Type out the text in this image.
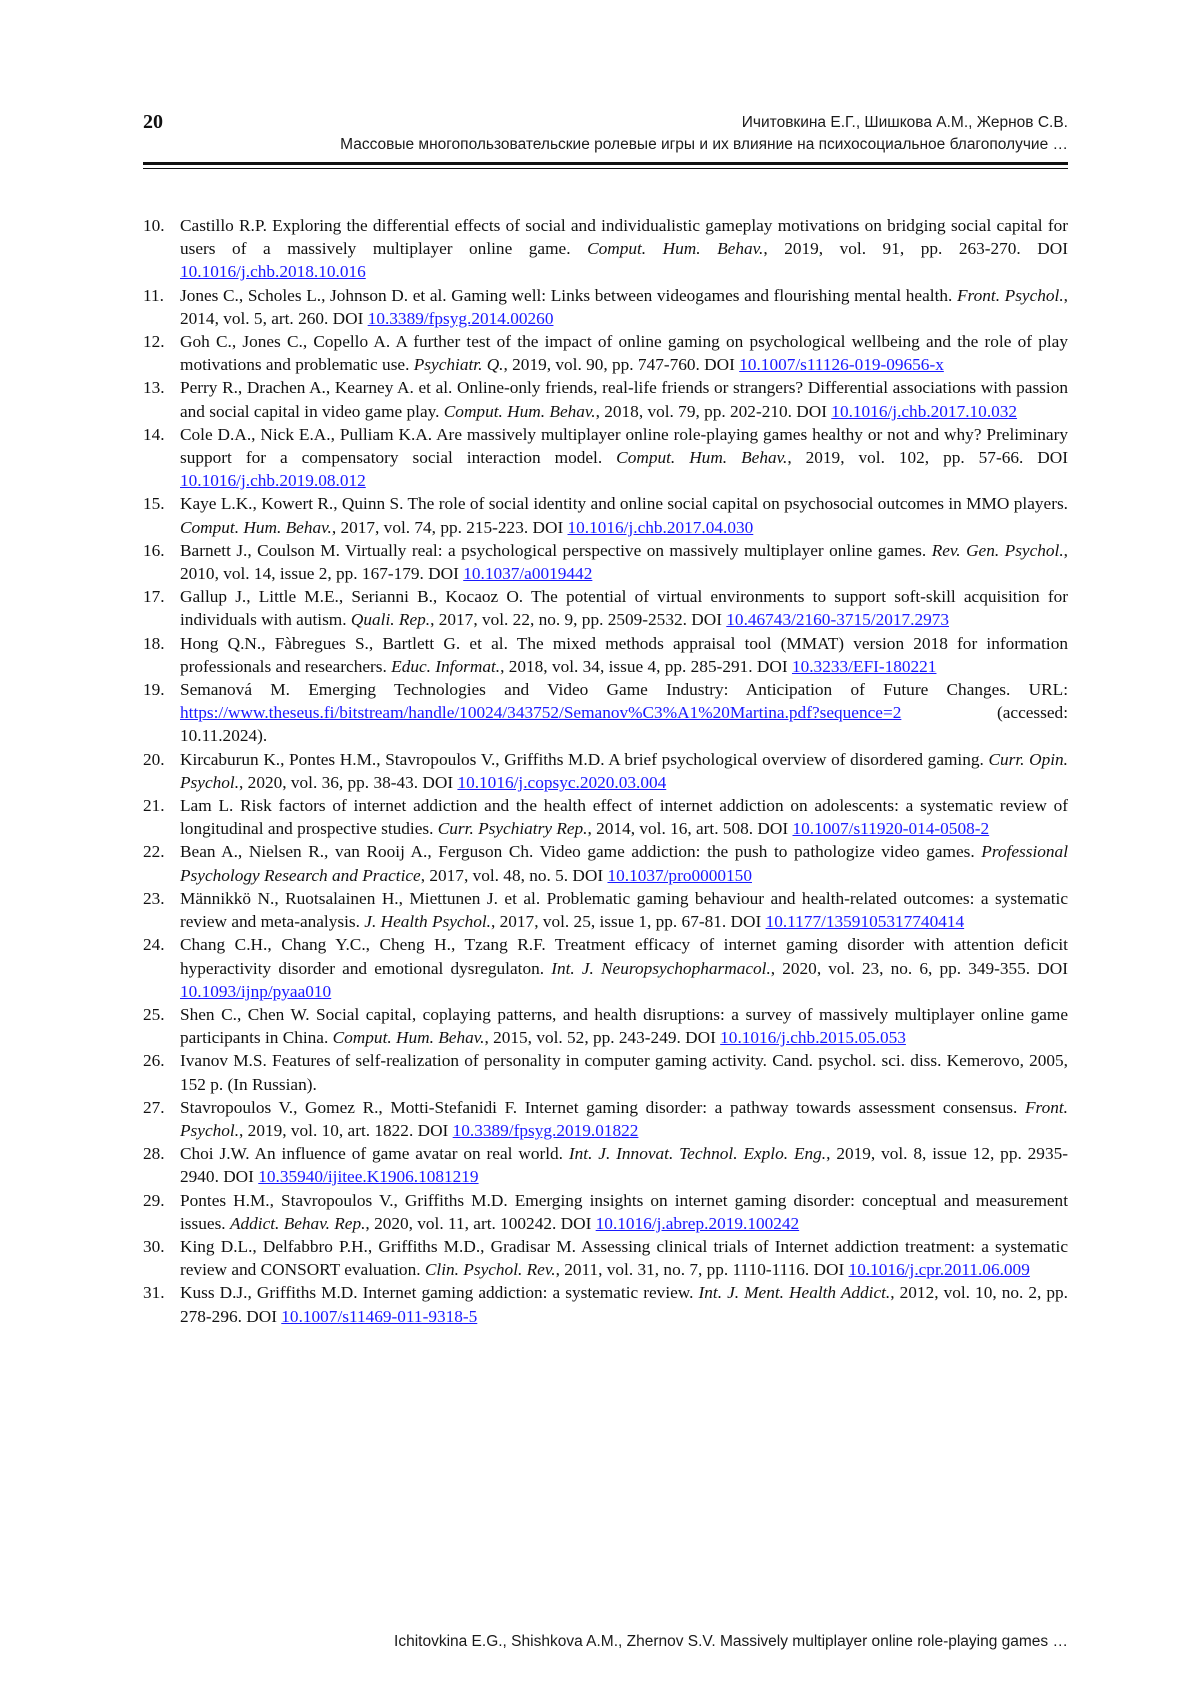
20	Ичитовкина Е.Г., Шишкова А.М., Жернов С.В.
Массовые многопользовательские ролевые игры и их влияние на психосоциальное благополучие …
10. Castillo R.P. Exploring the differential effects of social and individualistic gameplay motivations on bridging social capital for users of a massively multiplayer online game. Comput. Hum. Behav., 2019, vol. 91, pp. 263-270. DOI 10.1016/j.chb.2018.10.016
11. Jones C., Scholes L., Johnson D. et al. Gaming well: Links between videogames and flourishing mental health. Front. Psychol., 2014, vol. 5, art. 260. DOI 10.3389/fpsyg.2014.00260
12. Goh C., Jones C., Copello A. A further test of the impact of online gaming on psychological wellbeing and the role of play motivations and problematic use. Psychiatr. Q., 2019, vol. 90, pp. 747-760. DOI 10.1007/s11126-019-09656-x
13. Perry R., Drachen A., Kearney A. et al. Online-only friends, real-life friends or strangers? Differential associations with passion and social capital in video game play. Comput. Hum. Behav., 2018, vol. 79, pp. 202-210. DOI 10.1016/j.chb.2017.10.032
14. Cole D.A., Nick E.A., Pulliam K.A. Are massively multiplayer online role-playing games healthy or not and why? Preliminary support for a compensatory social interaction model. Comput. Hum. Behav., 2019, vol. 102, pp. 57-66. DOI 10.1016/j.chb.2019.08.012
15. Kaye L.K., Kowert R., Quinn S. The role of social identity and online social capital on psychosocial outcomes in MMO players. Comput. Hum. Behav., 2017, vol. 74, pp. 215-223. DOI 10.1016/j.chb.2017.04.030
16. Barnett J., Coulson M. Virtually real: a psychological perspective on massively multiplayer online games. Rev. Gen. Psychol., 2010, vol. 14, issue 2, pp. 167-179. DOI 10.1037/a0019442
17. Gallup J., Little M.E., Serianni B., Kocaoz O. The potential of virtual environments to support soft-skill acquisition for individuals with autism. Quali. Rep., 2017, vol. 22, no. 9, pp. 2509-2532. DOI 10.46743/2160-3715/2017.2973
18. Hong Q.N., Fàbregues S., Bartlett G. et al. The mixed methods appraisal tool (MMAT) version 2018 for information professionals and researchers. Educ. Informat., 2018, vol. 34, issue 4, pp. 285-291. DOI 10.3233/EFI-180221
19. Semanová M. Emerging Technologies and Video Game Industry: Anticipation of Future Changes. URL: https://www.theseus.fi/bitstream/handle/10024/343752/Semanov%C3%A1%20Martina.pdf?sequence=2 (accessed: 10.11.2024).
20. Kircaburun K., Pontes H.M., Stavropoulos V., Griffiths M.D. A brief psychological overview of disordered gaming. Curr. Opin. Psychol., 2020, vol. 36, pp. 38-43. DOI 10.1016/j.copsyc.2020.03.004
21. Lam L. Risk factors of internet addiction and the health effect of internet addiction on adolescents: a systematic review of longitudinal and prospective studies. Curr. Psychiatry Rep., 2014, vol. 16, art. 508. DOI 10.1007/s11920-014-0508-2
22. Bean A., Nielsen R., van Rooij A., Ferguson Ch. Video game addiction: the push to pathologize video games. Professional Psychology Research and Practice, 2017, vol. 48, no. 5. DOI 10.1037/pro0000150
23. Männikkö N., Ruotsalainen H., Miettunen J. et al. Problematic gaming behaviour and health-related outcomes: a systematic review and meta-analysis. J. Health Psychol., 2017, vol. 25, issue 1, pp. 67-81. DOI 10.1177/1359105317740414
24. Chang C.H., Chang Y.C., Cheng H., Tzang R.F. Treatment efficacy of internet gaming disorder with attention deficit hyperactivity disorder and emotional dysregulaton. Int. J. Neuropsychopharmacol., 2020, vol. 23, no. 6, pp. 349-355. DOI 10.1093/ijnp/pyaa010
25. Shen C., Chen W. Social capital, coplaying patterns, and health disruptions: a survey of massively multiplayer online game participants in China. Comput. Hum. Behav., 2015, vol. 52, pp. 243-249. DOI 10.1016/j.chb.2015.05.053
26. Ivanov M.S. Features of self-realization of personality in computer gaming activity. Cand. psychol. sci. diss. Kemerovo, 2005, 152 p. (In Russian).
27. Stavropoulos V., Gomez R., Motti-Stefanidi F. Internet gaming disorder: a pathway towards assessment consensus. Front. Psychol., 2019, vol. 10, art. 1822. DOI 10.3389/fpsyg.2019.01822
28. Choi J.W. An influence of game avatar on real world. Int. J. Innovat. Technol. Explo. Eng., 2019, vol. 8, issue 12, pp. 2935-2940. DOI 10.35940/ijitee.K1906.1081219
29. Pontes H.M., Stavropoulos V., Griffiths M.D. Emerging insights on internet gaming disorder: conceptual and measurement issues. Addict. Behav. Rep., 2020, vol. 11, art. 100242. DOI 10.1016/j.abrep.2019.100242
30. King D.L., Delfabbro P.H., Griffiths M.D., Gradisar M. Assessing clinical trials of Internet addiction treatment: a systematic review and CONSORT evaluation. Clin. Psychol. Rev., 2011, vol. 31, no. 7, pp. 1110-1116. DOI 10.1016/j.cpr.2011.06.009
31. Kuss D.J., Griffiths M.D. Internet gaming addiction: a systematic review. Int. J. Ment. Health Addict., 2012, vol. 10, no. 2, pp. 278-296. DOI 10.1007/s11469-011-9318-5
Ichitovkina E.G., Shishkova A.M., Zhernov S.V. Massively multiplayer online role-playing games …
